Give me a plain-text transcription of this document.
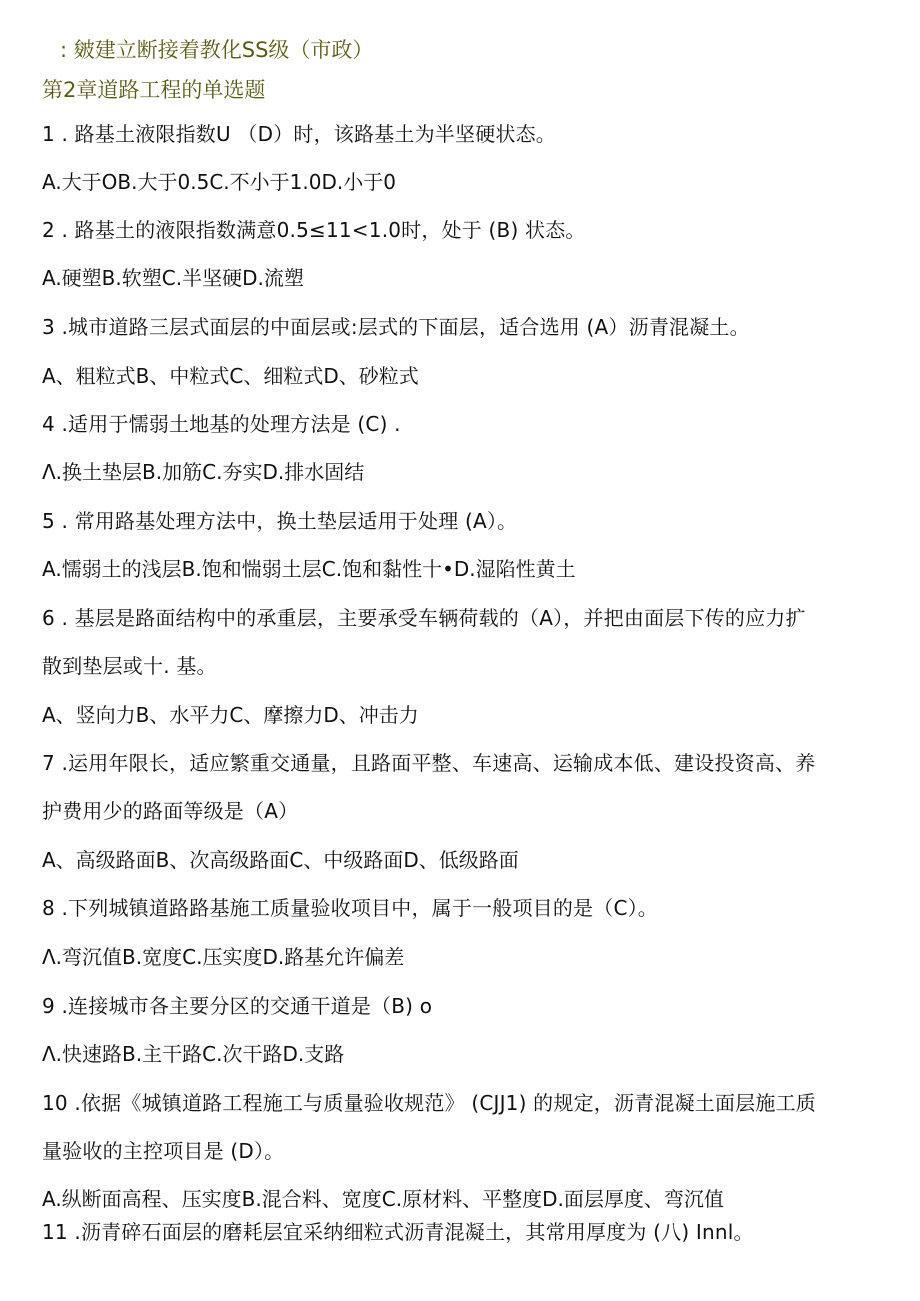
: 皴建立断接着教化SS级（市政）
第2章道路工程的单选题
1 . 路基土液限指数U （D）时，该路基土为半坚硬状态。
A.大于OB.大于0.5C.不小于1.0D.小于0
2 . 路基土的液限指数满意0.5≤11<1.0时，处于 (B) 状态。
A.硬塑B.软塑C.半坚硬D.流塑
3 .城市道路三层式面层的中面层或:层式的下面层，适合选用 (A）沥青混凝土。
A、粗粒式B、中粒式C、细粒式D、砂粒式
4 .适用于懦弱土地基的处理方法是 (C) .
Λ.换土垫层B.加筋C.夯实D.排水固结
5 . 常用路基处理方法中，换土垫层适用于处理 (A）。
A.懦弱土的浅层B.饱和惴弱土层C.饱和黏性十•D.湿陷性黄土
6 . 基层是路面结构中的承重层，主要承受车辆荷载的（A），并把由面层下传的应力扩
散到垫层或十. 基。
A、竖向力B、水平力C、摩擦力D、冲击力
7 .运用年限长，适应繁重交通量，且路面平整、车速高、运输成本低、建设投资高、养
护费用少的路面等级是（A）
A、高级路面B、次高级路面C、中级路面D、低级路面
8 .下列城镇道路路基施工质量验收项目中，属于一般项目的是（C）。
Λ.弯沉值B.宽度C.压实度D.路基允许偏差
9 .连接城市各主要分区的交通干道是（B) o
Λ.快速路B.主干路C.次干路D.支路
10 .依据《城镇道路工程施工与质量验收规范》 (CJJ1) 的规定，沥青混凝土面层施工质
量验收的主控项目是 (D）。
A.纵断面高程、压实度B.混合料、宽度C.原材料、平整度D.面层厚度、弯沉值
11 .沥青碎石面层的磨耗层宜采纳细粒式沥青混凝土，其常用厚度为 (八) Innl。
